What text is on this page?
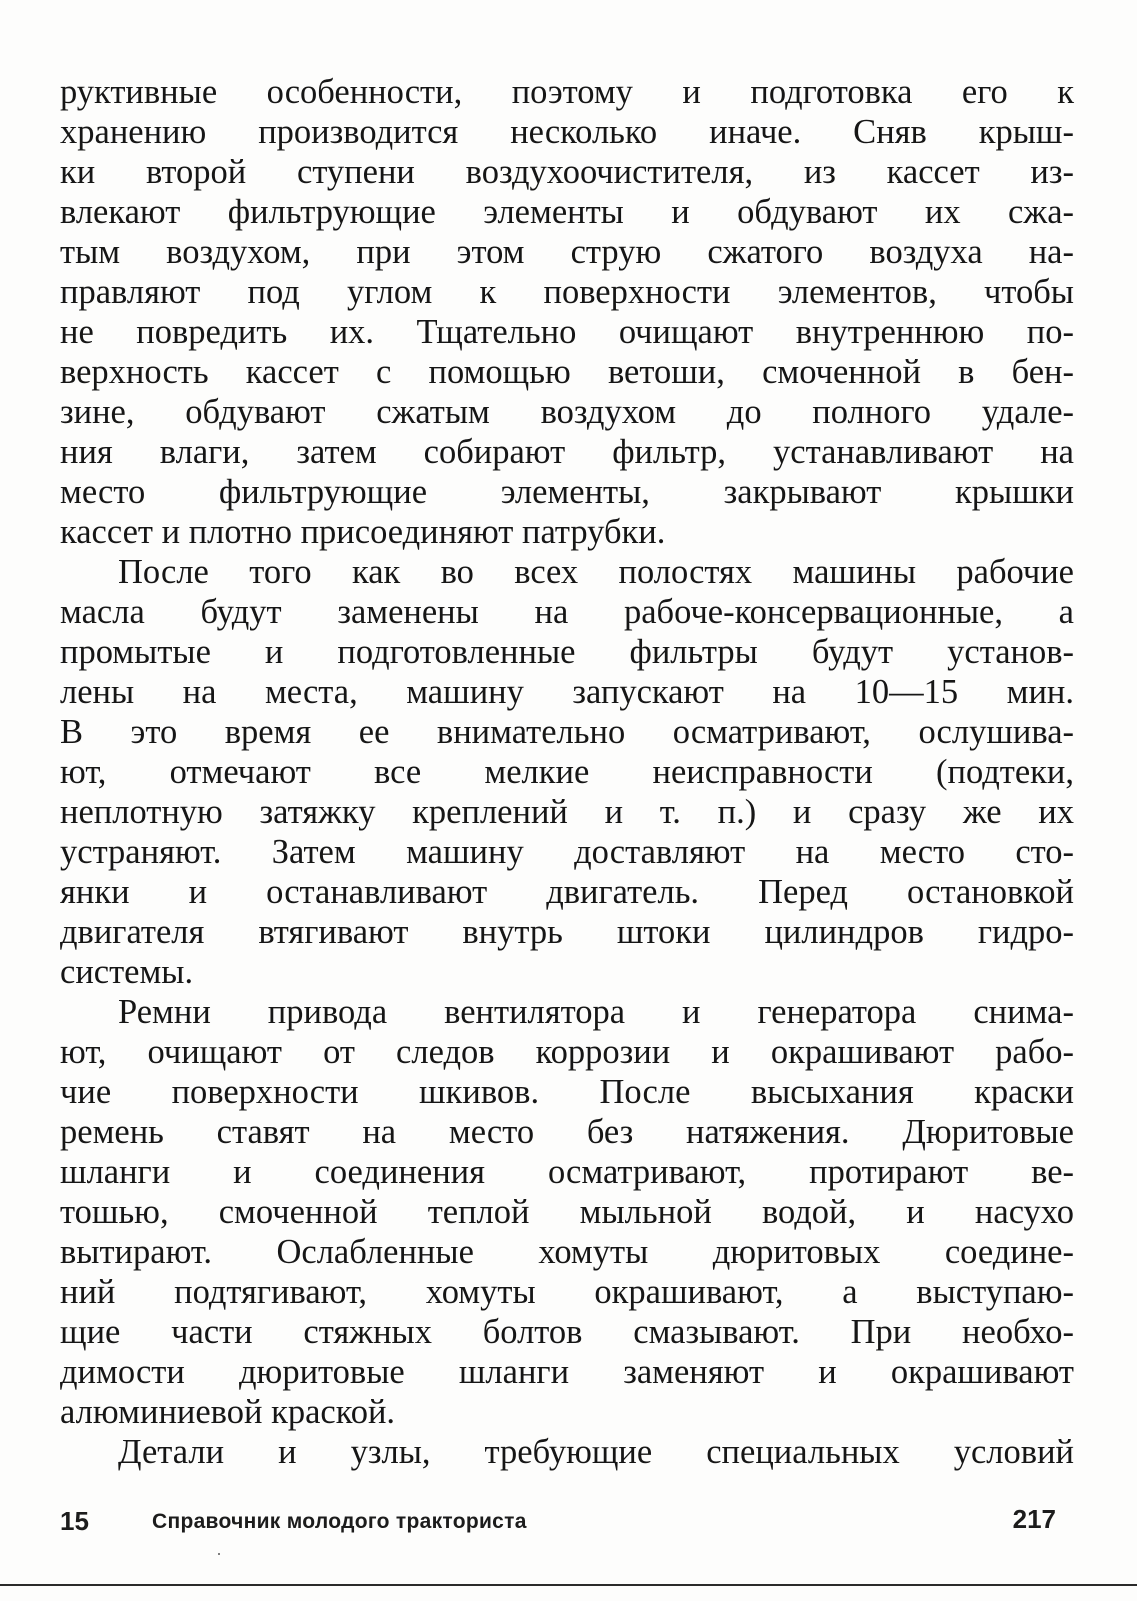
руктивные особенности, поэтому и подготовка его к
хранению производится несколько иначе. Сняв крыш-
ки второй ступени воздухоочистителя, из кассет из-
влекают фильтрующие элементы и обдувают их сжа-
тым воздухом, при этом струю сжатого воздуха на-
правляют под углом к поверхности элементов, чтобы
не повредить их. Тщательно очищают внутреннюю по-
верхность кассет с помощью ветоши, смоченной в бен-
зине, обдувают сжатым воздухом до полного удале-
ния влаги, затем собирают фильтр, устанавливают на
место фильтрующие элементы, закрывают крышки
кассет и плотно присоединяют патрубки.
После того как во всех полостях машины рабочие
масла будут заменены на рабоче-консервационные, а
промытые и подготовленные фильтры будут установ-
лены на места, машину запускают на 10—15 мин.
В это время ее внимательно осматривают, ослушива-
ют, отмечают все мелкие неисправности (подтеки,
неплотную затяжку креплений и т. п.) и сразу же их
устраняют. Затем машину доставляют на место сто-
янки и останавливают двигатель. Перед остановкой
двигателя втягивают внутрь штоки цилиндров гидро-
системы.
Ремни привода вентилятора и генератора снима-
ют, очищают от следов коррозии и окрашивают рабо-
чие поверхности шкивов. После высыхания краски
ремень ставят на место без натяжения. Дюритовые
шланги и соединения осматривают, протирают ве-
тошью, смоченной теплой мыльной водой, и насухо
вытирают. Ослабленные хомуты дюритовых соедине-
ний подтягивают, хомуты окрашивают, а выступаю-
щие части стяжных болтов смазывают. При необхо-
димости дюритовые шланги заменяют и окрашивают
алюминиевой краской.
Детали и узлы, требующие специальных условий
15	Справочник молодого тракториста	217
